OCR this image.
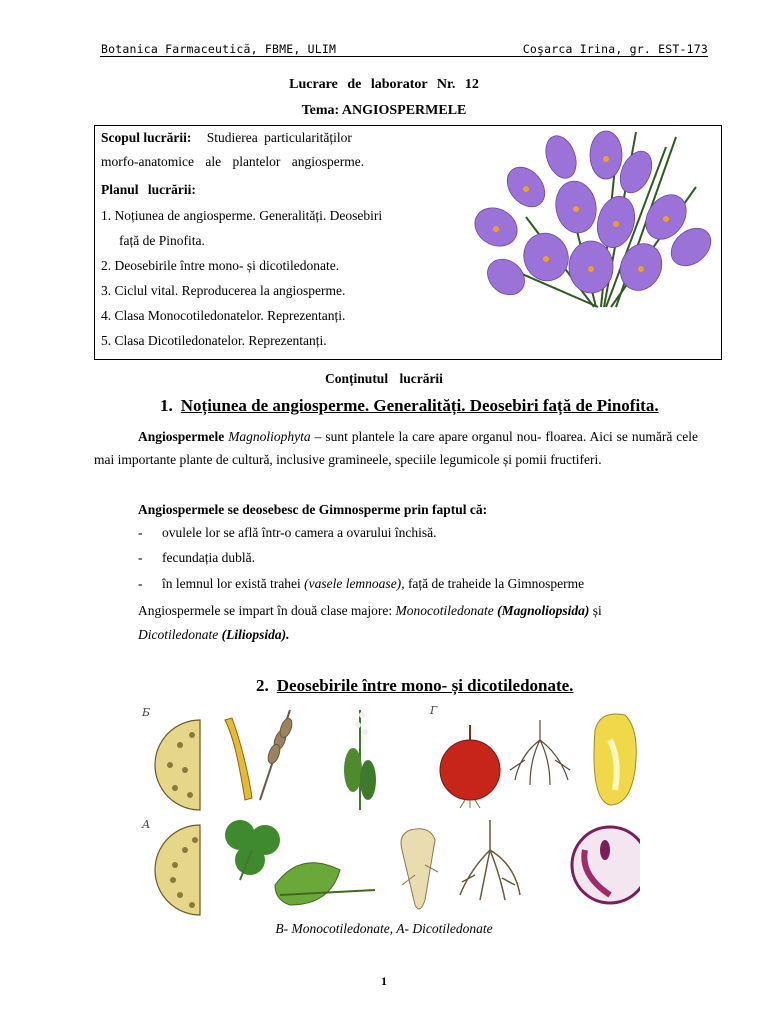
Botanica Farmaceutică, FBME, ULIM	Coşarca Irina, gr. EST-173
Lucrare de laborator Nr. 12
Tema: ANGIOSPERMELE
Scopul lucrării: Studierea particularităților
morfo-anatomice ale plantelor angiosperme.
Planul lucrării:
1. Noțiunea de angiosperme. Generalități. Deosebiri
față de Pinofita.
2. Deosebirile între mono- și dicotiledonate.
3. Ciclul vital. Reproducerea la angiosperme.
4. Clasa Monocotiledonatelor. Reprezentanți.
5. Clasa Dicotiledonatelor. Reprezentanți.
Conținutul lucrării
1. Noțiunea de angiosperme. Generalități. Deosebiri față de Pinofita.
Angiospermele Magnoliophyta – sunt plantele la care apare organul nou- floarea. Aici se numără cele mai importante plante de cultură, inclusive gramineele, speciile legumicole și pomii fructiferi.
Angiospermele se deosebesc de Gimnosperme prin faptul că:
- ovulele lor se află într-o camera a ovarului închisă.
- fecundația dublă.
- în lemnul lor există trahei (vasele lemnoase), față de traheide la Gimnosperme
Angiospermele se impart în două clase majore: Monocotiledonate (Magnoliopsida) și
Dicotiledonate (Liliopsida).
2. Deosebirile între mono- și dicotiledonate.
Б
А
Г
B- Monocotiledonate, A- Dicotiledonate
1
